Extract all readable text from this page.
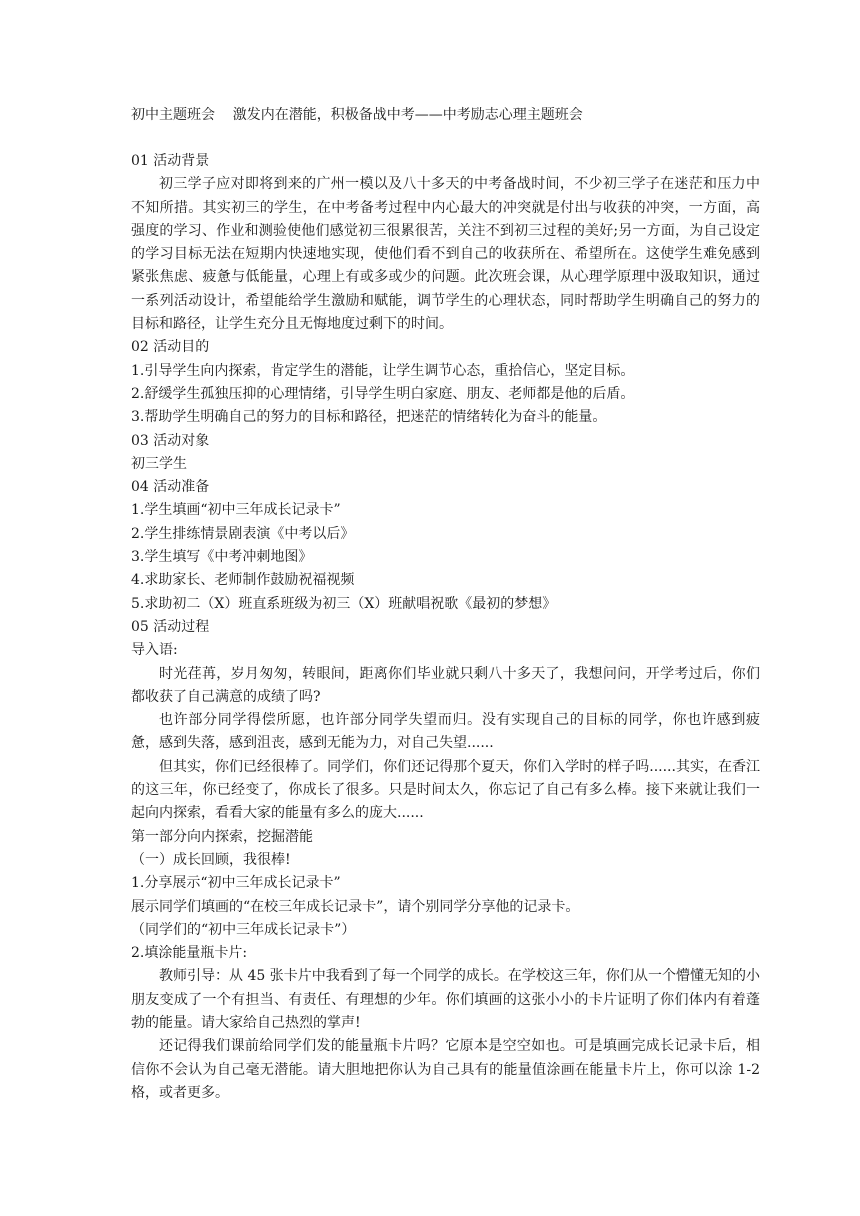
初中主题班会    激发内在潜能，积极备战中考——中考励志心理主题班会

01 活动背景

初三学子应对即将到来的广州一模以及八十多天的中考备战时间，不少初三学子在迷茫和压力中不知所措。其实初三的学生，在中考备考过程中内心最大的冲突就是付出与收获的冲突，一方面，高强度的学习、作业和测验使他们感觉初三很累很苦，关注不到初三过程的美好;另一方面，为自己设定的学习目标无法在短期内快速地实现，使他们看不到自己的收获所在、希望所在。这使学生难免感到紧张焦虑、疲惫与低能量，心理上有或多或少的问题。此次班会课，从心理学原理中汲取知识，通过一系列活动设计，希望能给学生激励和赋能，调节学生的心理状态，同时帮助学生明确自己的努力的目标和路径，让学生充分且无悔地度过剩下的时间。

02 活动目的

1.引导学生向内探索，肯定学生的潜能，让学生调节心态，重拾信心，坚定目标。

2.舒缓学生孤独压抑的心理情绪，引导学生明白家庭、朋友、老师都是他的后盾。

3.帮助学生明确自己的努力的目标和路径，把迷茫的情绪转化为奋斗的能量。

03 活动对象

初三学生

04 活动准备

1.学生填画“初中三年成长记录卡”

2.学生排练情景剧表演《中考以后》

3.学生填写《中考冲刺地图》

4.求助家长、老师制作鼓励祝福视频

5.求助初二（X）班直系班级为初三（X）班献唱祝歌《最初的梦想》

05 活动过程

导入语:

时光荏苒，岁月匆匆，转眼间，距离你们毕业就只剩八十多天了，我想问问，开学考过后，你们都收获了自己满意的成绩了吗?

也许部分同学得偿所愿，也许部分同学失望而归。没有实现自己的目标的同学，你也许感到疲惫，感到失落，感到沮丧，感到无能为力，对自己失望......

但其实，你们已经很棒了。同学们，你们还记得那个夏天，你们入学时的样子吗......其实，在香江的这三年，你已经变了，你成长了很多。只是时间太久，你忘记了自己有多么棒。接下来就让我们一起向内探索，看看大家的能量有多么的庞大......

第一部分向内探索，挖掘潜能

（一）成长回顾，我很棒!

1.分享展示“初中三年成长记录卡”

展示同学们填画的“在校三年成长记录卡”，请个别同学分享他的记录卡。

（同学们的“初中三年成长记录卡”）

2.填涂能量瓶卡片:

教师引导：从 45 张卡片中我看到了每一个同学的成长。在学校这三年，你们从一个懵懂无知的小朋友变成了一个有担当、有责任、有理想的少年。你们填画的这张小小的卡片证明了你们体内有着蓬勃的能量。请大家给自己热烈的掌声!

还记得我们课前给同学们发的能量瓶卡片吗？它原本是空空如也。可是填画完成长记录卡后，相信你不会认为自己毫无潜能。请大胆地把你认为自己具有的能量值涂画在能量卡片上，你可以涂 1-2 格，或者更多。
